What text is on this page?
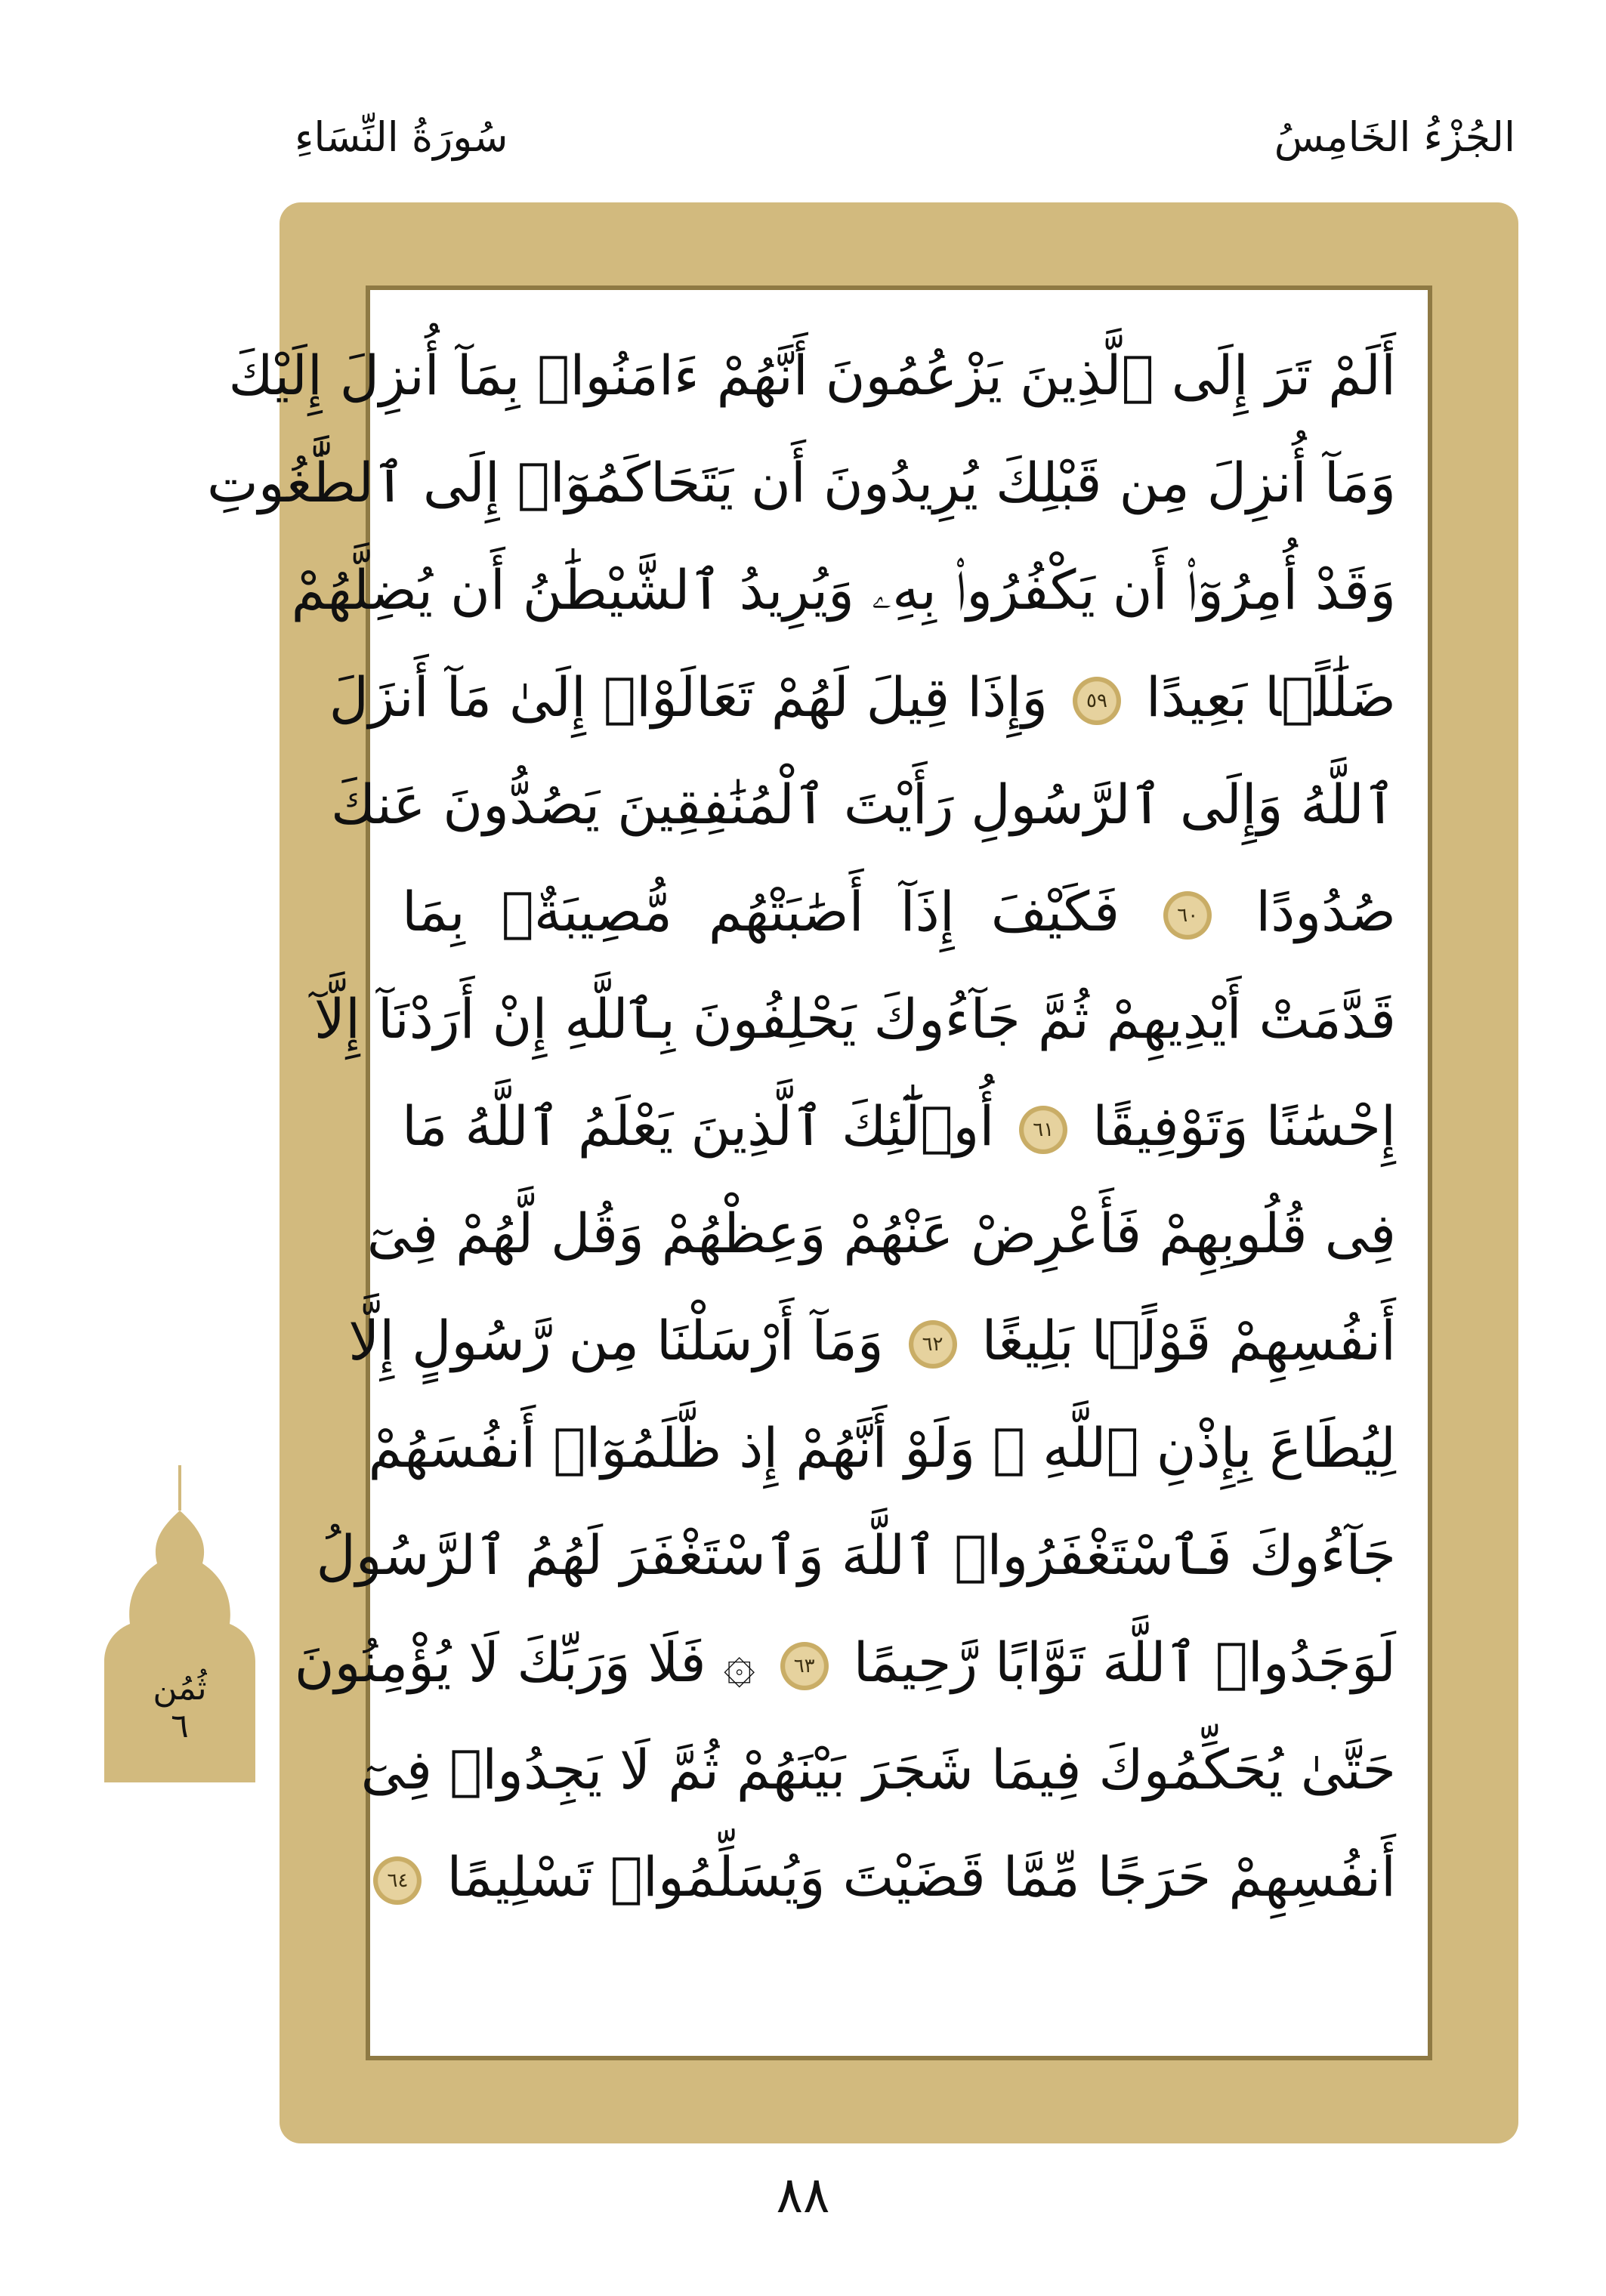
الجُزْءُ الخَامِسُ
سُورَةُ النِّسَاءِ
أَلَمْ تَرَ إِلَى ٱلَّذِينَ يَزْعُمُونَ أَنَّهُمْ ءَامَنُوا۟ بِمَآ أُنزِلَ إِلَيْكَ
وَمَآ أُنزِلَ مِن قَبْلِكَ يُرِيدُونَ أَن يَتَحَاكَمُوٓا۟ إِلَى ٱلطَّٰغُوتِ
وَقَدْ أُمِرُوٓا۟ أَن يَكْفُرُوا۟ بِهِۦ وَيُرِيدُ ٱلشَّيْطَٰنُ أَن يُضِلَّهُمْ
ضَلَٰلًۢا بَعِيدًا ٥٩ وَإِذَا قِيلَ لَهُمْ تَعَالَوْا۟ إِلَىٰ مَآ أَنزَلَ
ٱللَّهُ وَإِلَى ٱلرَّسُولِ رَأَيْتَ ٱلْمُنَٰفِقِينَ يَصُدُّونَ عَنكَ
صُدُودًا ٦٠ فَكَيْفَ إِذَآ أَصَٰبَتْهُم مُّصِيبَةٌۢ بِمَا
قَدَّمَتْ أَيْدِيهِمْ ثُمَّ جَآءُوكَ يَحْلِفُونَ بِٱللَّهِ إِنْ أَرَدْنَآ إِلَّآ
إِحْسَٰنًا وَتَوْفِيقًا ٦١ أُو۟لَٰٓئِكَ ٱلَّذِينَ يَعْلَمُ ٱللَّهُ مَا
فِى قُلُوبِهِمْ فَأَعْرِضْ عَنْهُمْ وَعِظْهُمْ وَقُل لَّهُمْ فِىٓ
أَنفُسِهِمْ قَوْلًۢا بَلِيغًا ٦٢ وَمَآ أَرْسَلْنَا مِن رَّسُولٍ إِلَّا
لِيُطَاعَ بِإِذْنِ ٱللَّهِ ۚ وَلَوْ أَنَّهُمْ إِذ ظَّلَمُوٓا۟ أَنفُسَهُمْ
جَآءُوكَ فَٱسْتَغْفَرُوا۟ ٱللَّهَ وَٱسْتَغْفَرَ لَهُمُ ٱلرَّسُولُ
لَوَجَدُوا۟ ٱللَّهَ تَوَّابًا رَّحِيمًا ٦٣ ۞ فَلَا وَرَبِّكَ لَا يُؤْمِنُونَ
حَتَّىٰ يُحَكِّمُوكَ فِيمَا شَجَرَ بَيْنَهُمْ ثُمَّ لَا يَجِدُوا۟ فِىٓ
أَنفُسِهِمْ حَرَجًا مِّمَّا قَضَيْتَ وَيُسَلِّمُوا۟ تَسْلِيمًا ٦٤
ثُمُن
٦
٨٨
